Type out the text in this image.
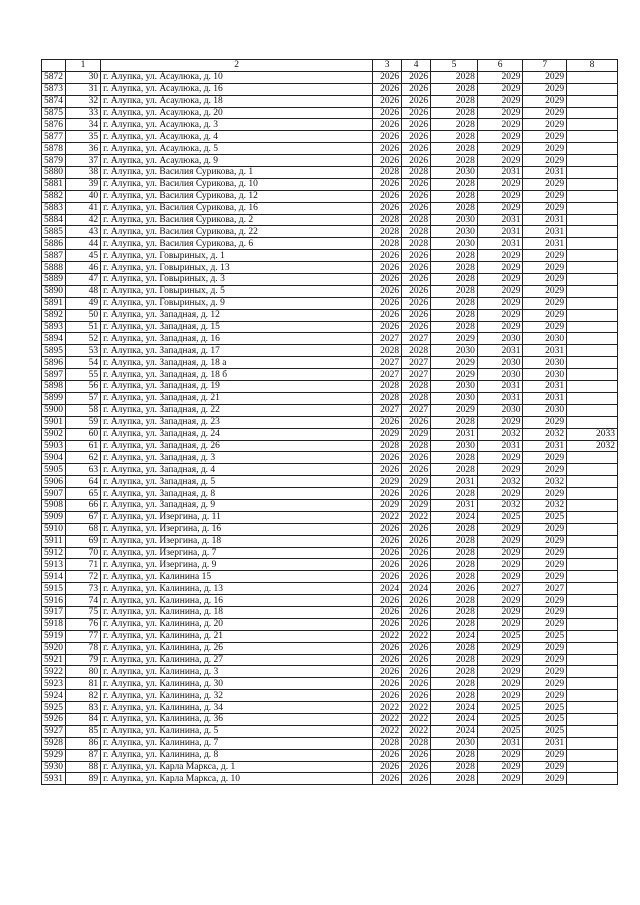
	1	2	3	4	5	6	7	8
5872	30	г. Алупка, ул. Асаулюка, д. 10	2026	2026	2028	2029	2029	
5873	31	г. Алупка, ул. Асаулюка, д. 16	2026	2026	2028	2029	2029	
5874	32	г. Алупка, ул. Асаулюка, д. 18	2026	2026	2028	2029	2029	
5875	33	г. Алупка, ул. Асаулюка, д. 20	2026	2026	2028	2029	2029	
5876	34	г. Алупка, ул. Асаулюка, д. 3	2026	2026	2028	2029	2029	
5877	35	г. Алупка, ул. Асаулюка, д. 4	2026	2026	2028	2029	2029	
5878	36	г. Алупка, ул. Асаулюка, д. 5	2026	2026	2028	2029	2029	
5879	37	г. Алупка, ул. Асаулюка, д. 9	2026	2026	2028	2029	2029	
5880	38	г. Алупка, ул. Василия Сурикова, д. 1	2028	2028	2030	2031	2031	
5881	39	г. Алупка, ул. Василия Сурикова, д. 10	2026	2026	2028	2029	2029	
5882	40	г. Алупка, ул. Василия Сурикова, д. 12	2026	2026	2028	2029	2029	
5883	41	г. Алупка, ул. Василия Сурикова, д. 16	2026	2026	2028	2029	2029	
5884	42	г. Алупка, ул. Василия Сурикова, д. 2	2028	2028	2030	2031	2031	
5885	43	г. Алупка, ул. Василия Сурикова, д. 22	2028	2028	2030	2031	2031	
5886	44	г. Алупка, ул. Василия Сурикова, д. 6	2028	2028	2030	2031	2031	
5887	45	г. Алупка, ул. Говыриных, д. 1	2026	2026	2028	2029	2029	
5888	46	г. Алупка, ул. Говыриных, д. 13	2026	2026	2028	2029	2029	
5889	47	г. Алупка, ул. Говыриных, д. 3	2026	2026	2028	2029	2029	
5890	48	г. Алупка, ул. Говыриных, д. 5	2026	2026	2028	2029	2029	
5891	49	г. Алупка, ул. Говыриных, д. 9	2026	2026	2028	2029	2029	
5892	50	г. Алупка, ул. Западная, д. 12	2026	2026	2028	2029	2029	
5893	51	г. Алупка, ул. Западная, д. 15	2026	2026	2028	2029	2029	
5894	52	г. Алупка, ул. Западная, д. 16	2027	2027	2029	2030	2030	
5895	53	г. Алупка, ул. Западная, д. 17	2028	2028	2030	2031	2031	
5896	54	г. Алупка, ул. Западная, д. 18 а	2027	2027	2029	2030	2030	
5897	55	г. Алупка, ул. Западная, д. 18 б	2027	2027	2029	2030	2030	
5898	56	г. Алупка, ул. Западная, д. 19	2028	2028	2030	2031	2031	
5899	57	г. Алупка, ул. Западная, д. 21	2028	2028	2030	2031	2031	
5900	58	г. Алупка, ул. Западная, д. 22	2027	2027	2029	2030	2030	
5901	59	г. Алупка, ул. Западная, д. 23	2026	2026	2028	2029	2029	
5902	60	г. Алупка, ул. Западная, д. 24	2029	2029	2031	2032	2032	2033
5903	61	г. Алупка, ул. Западная, д. 26	2028	2028	2030	2031	2031	2032
5904	62	г. Алупка, ул. Западная, д. 3	2026	2026	2028	2029	2029	
5905	63	г. Алупка, ул. Западная, д. 4	2026	2026	2028	2029	2029	
5906	64	г. Алупка, ул. Западная, д. 5	2029	2029	2031	2032	2032	
5907	65	г. Алупка, ул. Западная, д. 8	2026	2026	2028	2029	2029	
5908	66	г. Алупка, ул. Западная, д. 9	2029	2029	2031	2032	2032	
5909	67	г. Алупка, ул. Изергина, д. 11	2022	2022	2024	2025	2025	
5910	68	г. Алупка, ул. Изергина, д. 16	2026	2026	2028	2029	2029	
5911	69	г. Алупка, ул. Изергина, д. 18	2026	2026	2028	2029	2029	
5912	70	г. Алупка, ул. Изергина, д. 7	2026	2026	2028	2029	2029	
5913	71	г. Алупка, ул. Изергина, д. 9	2026	2026	2028	2029	2029	
5914	72	г. Алупка, ул. Калинина 15	2026	2026	2028	2029	2029	
5915	73	г. Алупка, ул. Калинина, д. 13	2024	2024	2026	2027	2027	
5916	74	г. Алупка, ул. Калинина, д. 16	2026	2026	2028	2029	2029	
5917	75	г. Алупка, ул. Калинина, д. 18	2026	2026	2028	2029	2029	
5918	76	г. Алупка, ул. Калинина, д. 20	2026	2026	2028	2029	2029	
5919	77	г. Алупка, ул. Калинина, д. 21	2022	2022	2024	2025	2025	
5920	78	г. Алупка, ул. Калинина, д. 26	2026	2026	2028	2029	2029	
5921	79	г. Алупка, ул. Калинина, д. 27	2026	2026	2028	2029	2029	
5922	80	г. Алупка, ул. Калинина, д. 3	2026	2026	2028	2029	2029	
5923	81	г. Алупка, ул. Калинина, д. 30	2026	2026	2028	2029	2029	
5924	82	г. Алупка, ул. Калинина, д. 32	2026	2026	2028	2029	2029	
5925	83	г. Алупка, ул. Калинина, д. 34	2022	2022	2024	2025	2025	
5926	84	г. Алупка, ул. Калинина, д. 36	2022	2022	2024	2025	2025	
5927	85	г. Алупка, ул. Калинина, д. 5	2022	2022	2024	2025	2025	
5928	86	г. Алупка, ул. Калинина, д. 7	2028	2028	2030	2031	2031	
5929	87	г. Алупка, ул. Калинина, д. 8	2026	2026	2028	2029	2029	
5930	88	г. Алупка, ул. Карла Маркса, д. 1	2026	2026	2028	2029	2029	
5931	89	г. Алупка, ул. Карла Маркса, д. 10	2026	2026	2028	2029	2029	
